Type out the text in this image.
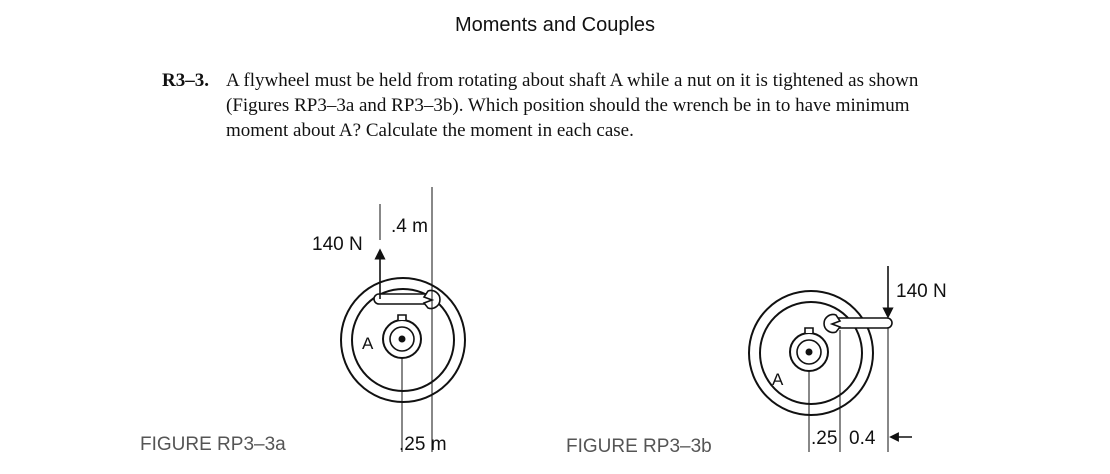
Moments and Couples
R3–3. A flywheel must be held from rotating about shaft A while a nut on it is tightened as shown (Figures RP3–3a and RP3–3b). Which position should the wrench be in to have minimum moment about A? Calculate the moment in each case.
140 N
.4 m
A
.25 m
140 N
A
.25 0.4
FIGURE RP3–3a	FIGURE RP3–3b
